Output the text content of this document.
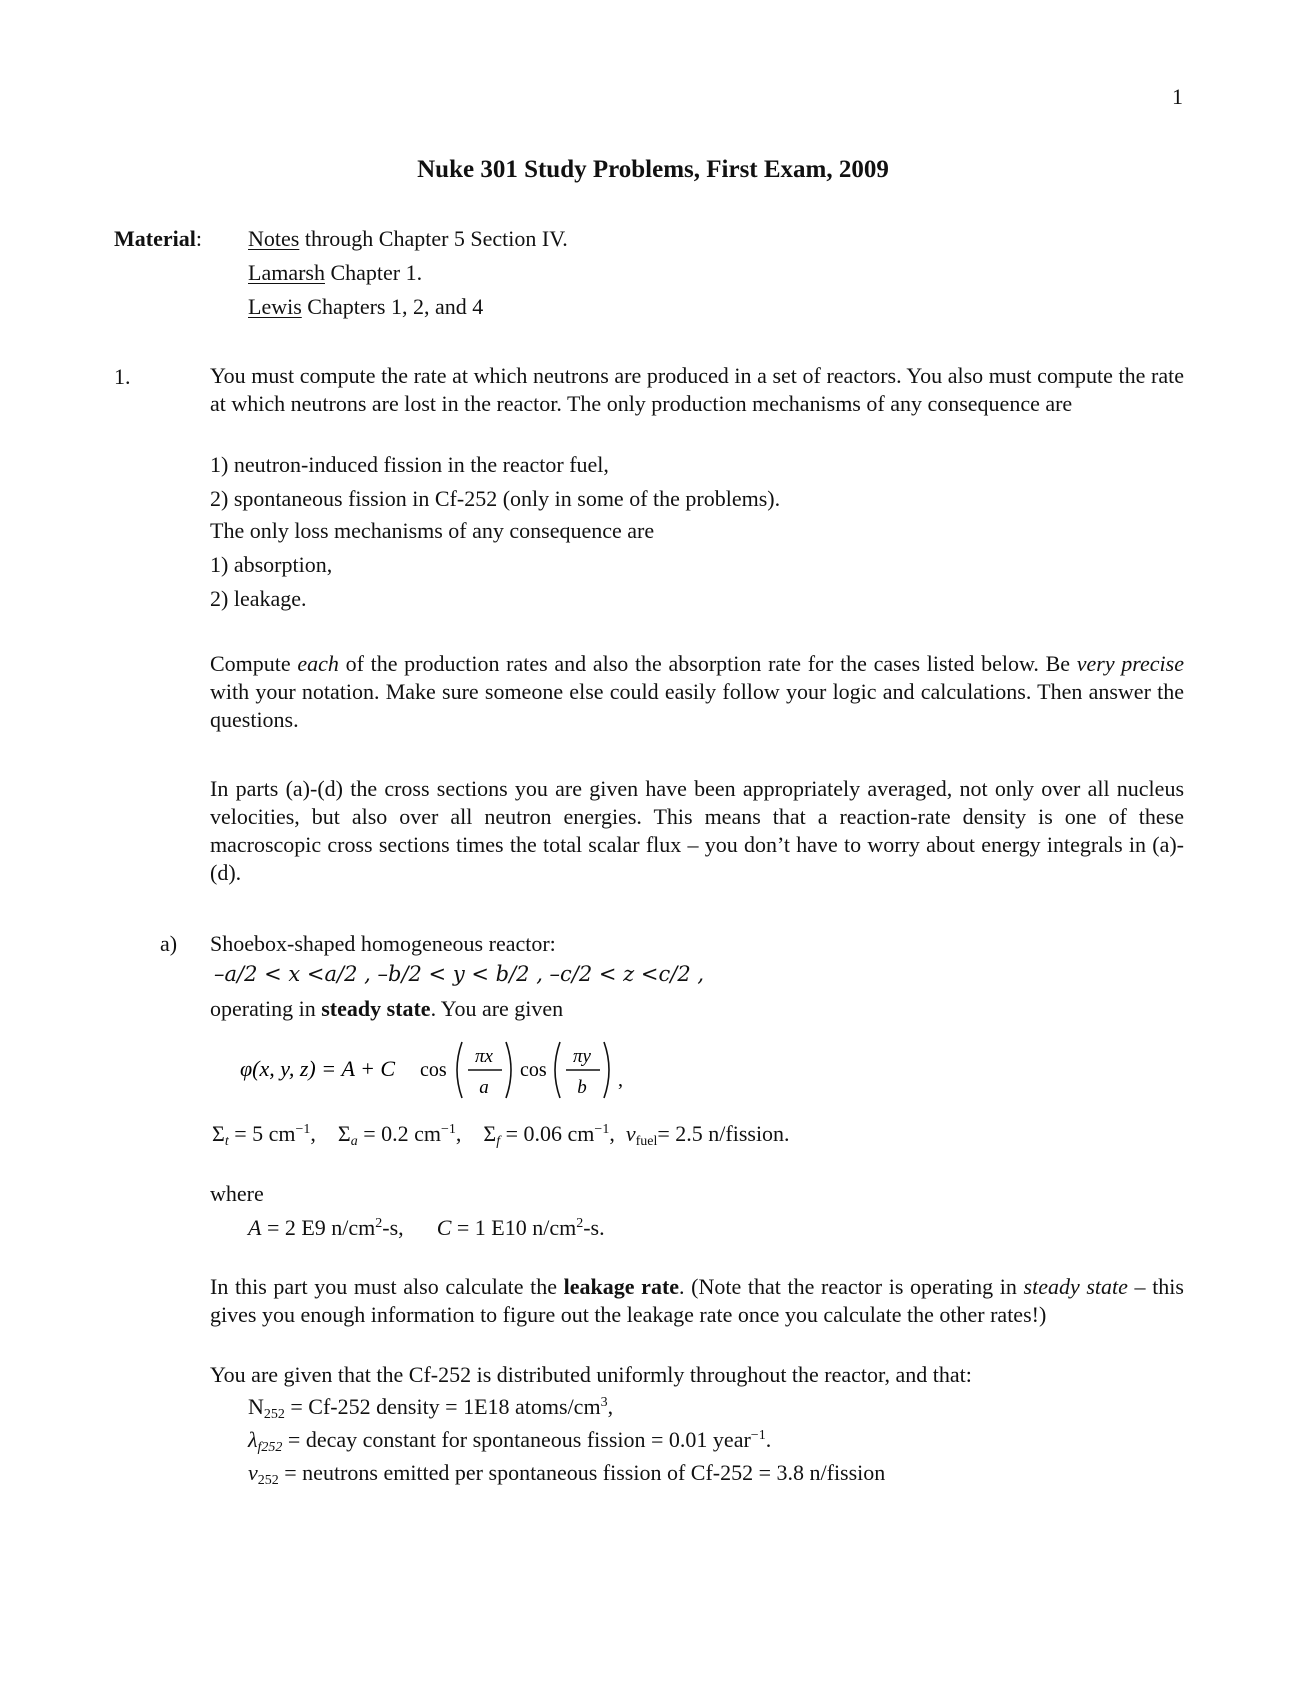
1
Nuke 301 Study Problems, First Exam, 2009
Material: Notes through Chapter 5 Section IV.
Lamarsh Chapter 1.
Lewis Chapters 1, 2, and 4
1.	You must compute the rate at which neutrons are produced in a set of reactors. You also must compute the rate at which neutrons are lost in the reactor. The only production mechanisms of any consequence are
1) neutron-induced fission in the reactor fuel,
2) spontaneous fission in Cf-252 (only in some of the problems).
The only loss mechanisms of any consequence are
1) absorption,
2) leakage.
Compute each of the production rates and also the absorption rate for the cases listed below. Be very precise with your notation. Make sure someone else could easily follow your logic and calculations. Then answer the questions.
In parts (a)-(d) the cross sections you are given have been appropriately averaged, not only over all nucleus velocities, but also over all neutron energies. This means that a reaction-rate density is one of these macroscopic cross sections times the total scalar flux – you don’t have to worry about energy integrals in (a)-(d).
a) Shoebox-shaped homogeneous reactor:
–a/2 < x <a/2 , –b/2 < y < b/2 , –c/2 < z <c/2 ,
operating in steady state. You are given
φ(x, y, z) = A + C cos
πx
a
cos
πy
b ,
$\Sigma_t = 5$ $cm^{-1}$,    $\Sigma_a = 0.2$ $cm^{-1}$,    $\Sigma_f = 0.06$ $cm^{-1}$,  $\nu_{fuel}= 2.5$ n/fission.
where
A = 2 E9 $n/cm^2-s$, C = 1 E10 $n/cm^2-s$.
In this part you must also calculate the leakage rate. (Note that the reactor is operating in steady state – this gives you enough information to figure out the leakage rate once you calculate the other rates!)
You are given that the Cf-252 is distributed uniformly throughout the reactor, and that:
$N_{252} = Cf-252$ density = 1E18 atoms/$cm^3$,
$\lambda_{f252}$ = decay constant for spontaneous fission = 0.01 year$^{-1}$.
$\nu_{252}$ = neutrons emitted per spontaneous fission of Cf-252 = 3.8 n/fission
